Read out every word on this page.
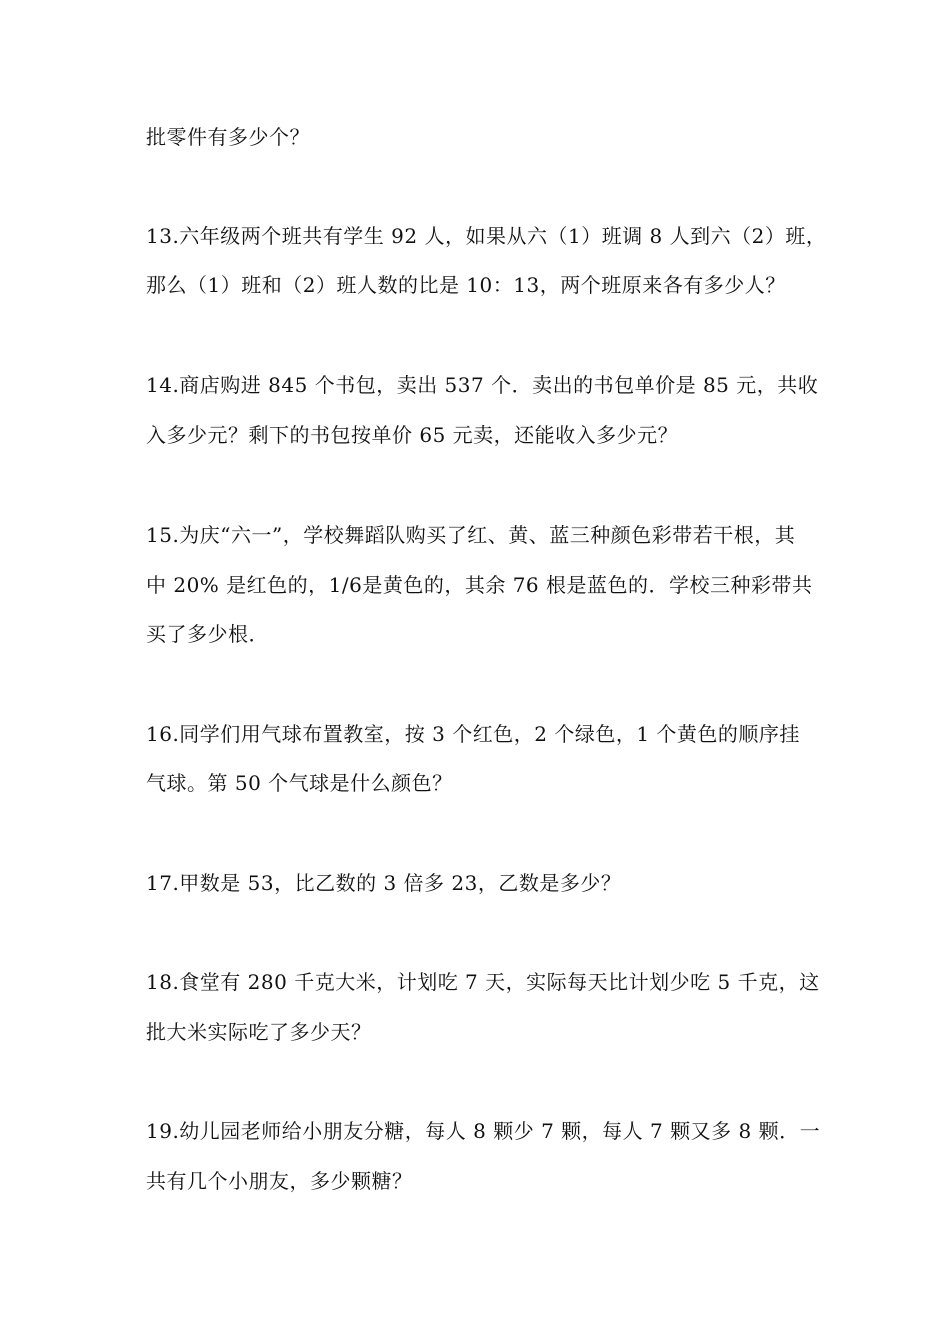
批零件有多少个？
13.六年级两个班共有学生 92 人，如果从六（1）班调 8 人到六（2）班，
那么（1）班和（2）班人数的比是 10：13，两个班原来各有多少人？
14.商店购进 845 个书包，卖出 537 个．卖出的书包单价是 85 元，共收
入多少元？剩下的书包按单价 65 元卖，还能收入多少元？
15.为庆“六一”，学校舞蹈队购买了红、黄、蓝三种颜色彩带若干根，其
中 20% 是红色的，1/6是黄色的，其余 76 根是蓝色的．学校三种彩带共
买了多少根．
16.同学们用气球布置教室，按 3 个红色，2 个绿色，1 个黄色的顺序挂
气球。第 50 个气球是什么颜色？
17.甲数是 53，比乙数的 3 倍多 23，乙数是多少？
18.食堂有 280 千克大米，计划吃 7 天，实际每天比计划少吃 5 千克，这
批大米实际吃了多少天？
19.幼儿园老师给小朋友分糖，每人 8 颗少 7 颗，每人 7 颗又多 8 颗．一
共有几个小朋友，多少颗糖？
